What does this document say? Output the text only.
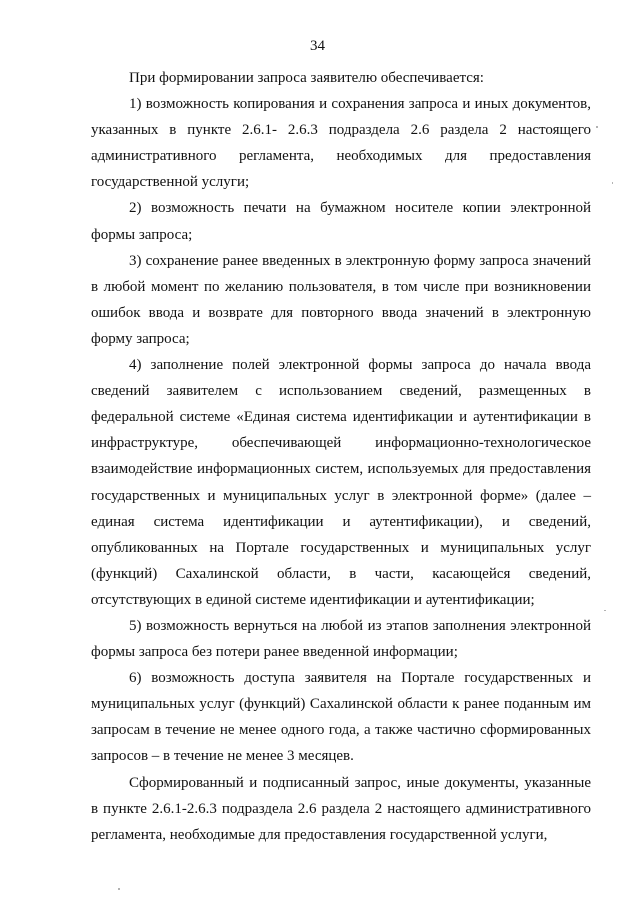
34

При формировании запроса заявителю обеспечивается:

1) возможность копирования и сохранения запроса и иных документов, указанных в пункте 2.6.1- 2.6.3 подраздела 2.6 раздела 2 настоящего административного регламента, необходимых для предоставления государственной услуги;

2) возможность печати на бумажном носителе копии электронной формы запроса;

3) сохранение ранее введенных в электронную форму запроса значений в любой момент по желанию пользователя, в том числе при возникновении ошибок ввода и возврате для повторного ввода значений в электронную форму запроса;

4) заполнение полей электронной формы запроса до начала ввода сведений заявителем с использованием сведений, размещенных в федеральной системе «Единая система идентификации и аутентификации в инфраструктуре, обеспечивающей информационно-технологическое взаимодействие информационных систем, используемых для предоставления государственных и муниципальных услуг в электронной форме» (далее – единая система идентификации и аутентификации), и сведений, опубликованных на Портале государственных и муниципальных услуг (функций) Сахалинской области, в части, касающейся сведений, отсутствующих в единой системе идентификации и аутентификации;

5) возможность вернуться на любой из этапов заполнения электронной формы запроса без потери ранее введенной информации;

6) возможность доступа заявителя на Портале государственных и муниципальных услуг (функций) Сахалинской области к ранее поданным им запросам в течение не менее одного года, а также частично сформированных запросов – в течение не менее 3 месяцев.

Сформированный и подписанный запрос, иные документы, указанные в пункте 2.6.1-2.6.3 подраздела 2.6 раздела 2 настоящего административного регламента, необходимые для предоставления государственной услуги,
